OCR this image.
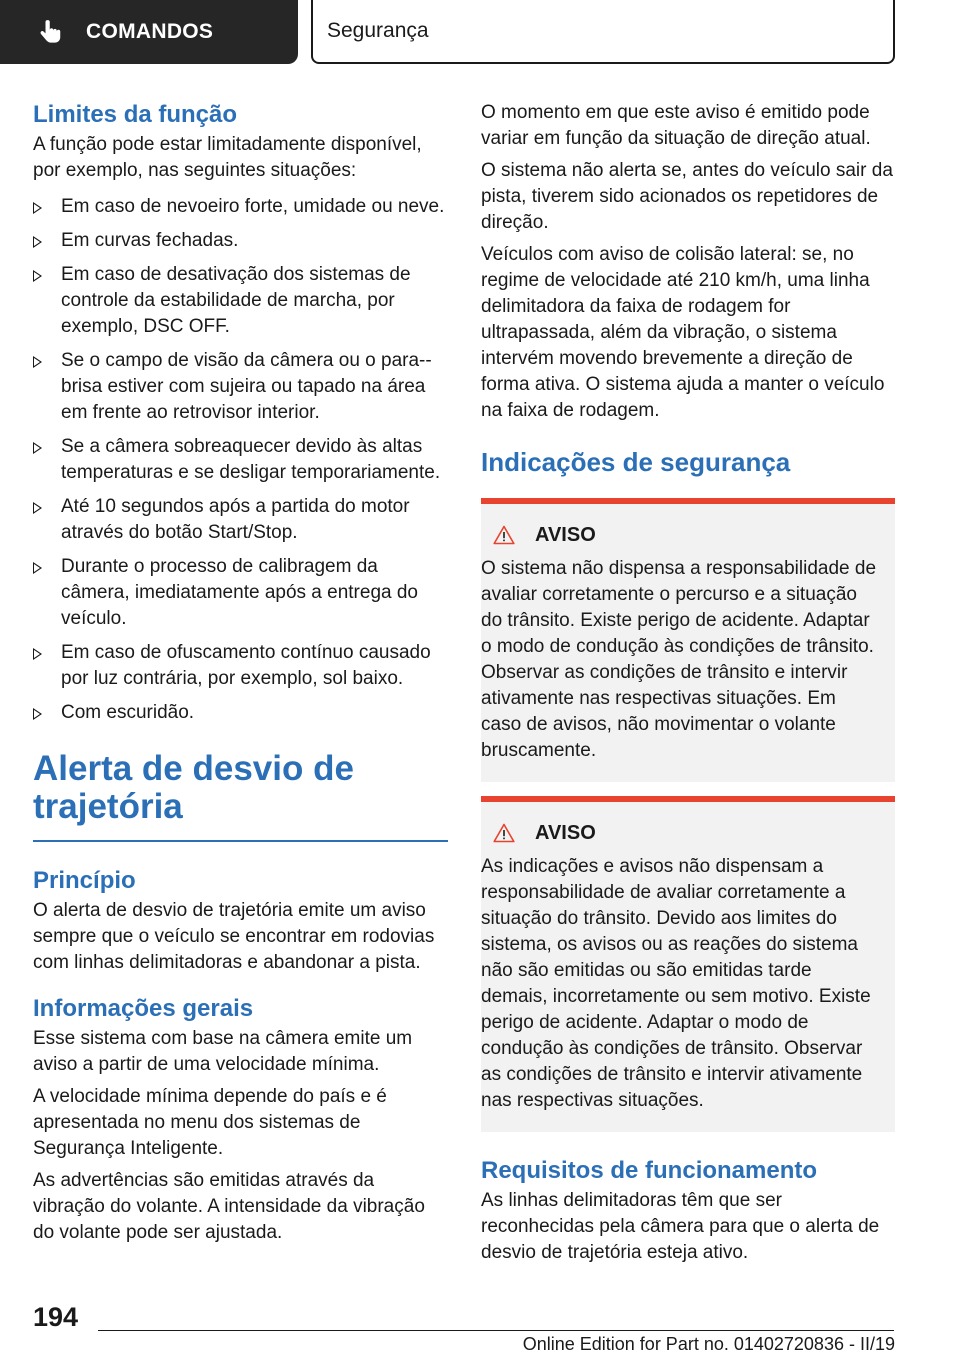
COMANDOS	Segurança
Limites da função

A função pode estar limitadamente disponível, por exemplo, nas seguintes situações:

Em caso de nevoeiro forte, umidade ou neve.
Em curvas fechadas.
Em caso de desativação dos sistemas de controle da estabilidade de marcha, por exemplo, DSC OFF.
Se o campo de visão da câmera ou o para--brisa estiver com sujeira ou tapado na área em frente ao retrovisor interior.
Se a câmera sobreaquecer devido às altas temperaturas e se desligar temporariamente.
Até 10 segundos após a partida do motor através do botão Start/Stop.
Durante o processo de calibragem da câmera, imediatamente após a entrega do veículo.
Em caso de ofuscamento contínuo causado por luz contrária, por exemplo, sol baixo.
Com escuridão.
Alerta de desvio de trajetória
Princípio

O alerta de desvio de trajetória emite um aviso sempre que o veículo se encontrar em rodovias com linhas delimitadoras e abandonar a pista.

Informações gerais

Esse sistema com base na câmera emite um aviso a partir de uma velocidade mínima.

A velocidade mínima depende do país e é apresentada no menu dos sistemas de Segurança Inteligente.

As advertências são emitidas através da vibração do volante. A intensidade da vibração do volante pode ser ajustada.

O momento em que este aviso é emitido pode variar em função da situação de direção atual.

O sistema não alerta se, antes do veículo sair da pista, tiverem sido acionados os repetidores de direção.

Veículos com aviso de colisão lateral: se, no regime de velocidade até 210 km/h, uma linha delimitadora da faixa de rodagem for ultrapassada, além da vibração, o sistema intervém movendo brevemente a direção de forma ativa. O sistema ajuda a manter o veículo na faixa de rodagem.

Indicações de segurança
AVISO
O sistema não dispensa a responsabilidade de avaliar corretamente o percurso e a situação do trânsito. Existe perigo de acidente. Adaptar o modo de condução às condições de trânsito. Observar as condições de trânsito e intervir ativamente nas respectivas situações. Em caso de avisos, não movimentar o volante bruscamente.
AVISO
As indicações e avisos não dispensam a responsabilidade de avaliar corretamente a situação do trânsito. Devido aos limites do sistema, os avisos ou as reações do sistema não são emitidas ou são emitidas tarde demais, incorretamente ou sem motivo. Existe perigo de acidente. Adaptar o modo de condução às condições de trânsito. Observar as condições de trânsito e intervir ativamente nas respectivas situações.
Requisitos de funcionamento

As linhas delimitadoras têm que ser reconhecidas pela câmera para que o alerta de desvio de trajetória esteja ativo.

194
Online Edition for Part no. 01402720836 - II/19
